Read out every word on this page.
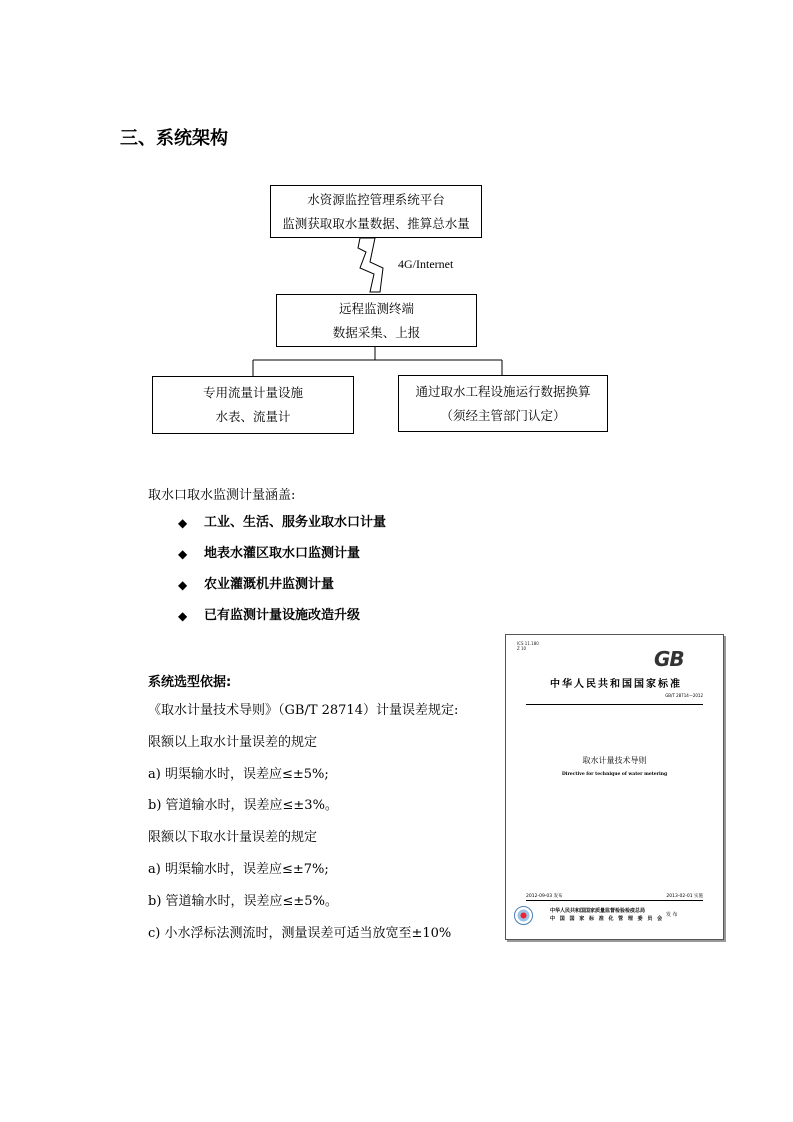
三、系统架构
水资源监控管理系统平台
监测获取取水量数据、推算总水量
4G/Internet
远程监测终端
数据采集、上报
专用流量计量设施
水表、流量计
通过取水工程设施运行数据换算
（须经主管部门认定）
取水口取水监测计量涵盖:
◆	工业、生活、服务业取水口计量
◆	地表水灌区取水口监测计量
◆	农业灌溉机井监测计量
◆	已有监测计量设施改造升级
系统选型依据:
《取水计量技术导则》（GB/T 28714）计量误差规定:
限额以上取水计量误差的规定
a) 明渠输水时，误差应≤±5%;
b) 管道输水时，误差应≤±3%。
限额以下取水计量误差的规定
a) 明渠输水时，误差应≤±7%;
b) 管道输水时，误差应≤±5%。
c) 小水浮标法测流时，测量误差可适当放宽至±10%
ICS 11.180
Z 10	GB
中华人民共和国国家标准
GB/T 28714—2012
取水计量技术导则
Directive for technique of water metering
2012-09-03 发布	2013-02-01 实施
中华人民共和国国家质量监督检验检疫总局
中 国 国 家 标 准 化 管 理 委 员 会
发布
